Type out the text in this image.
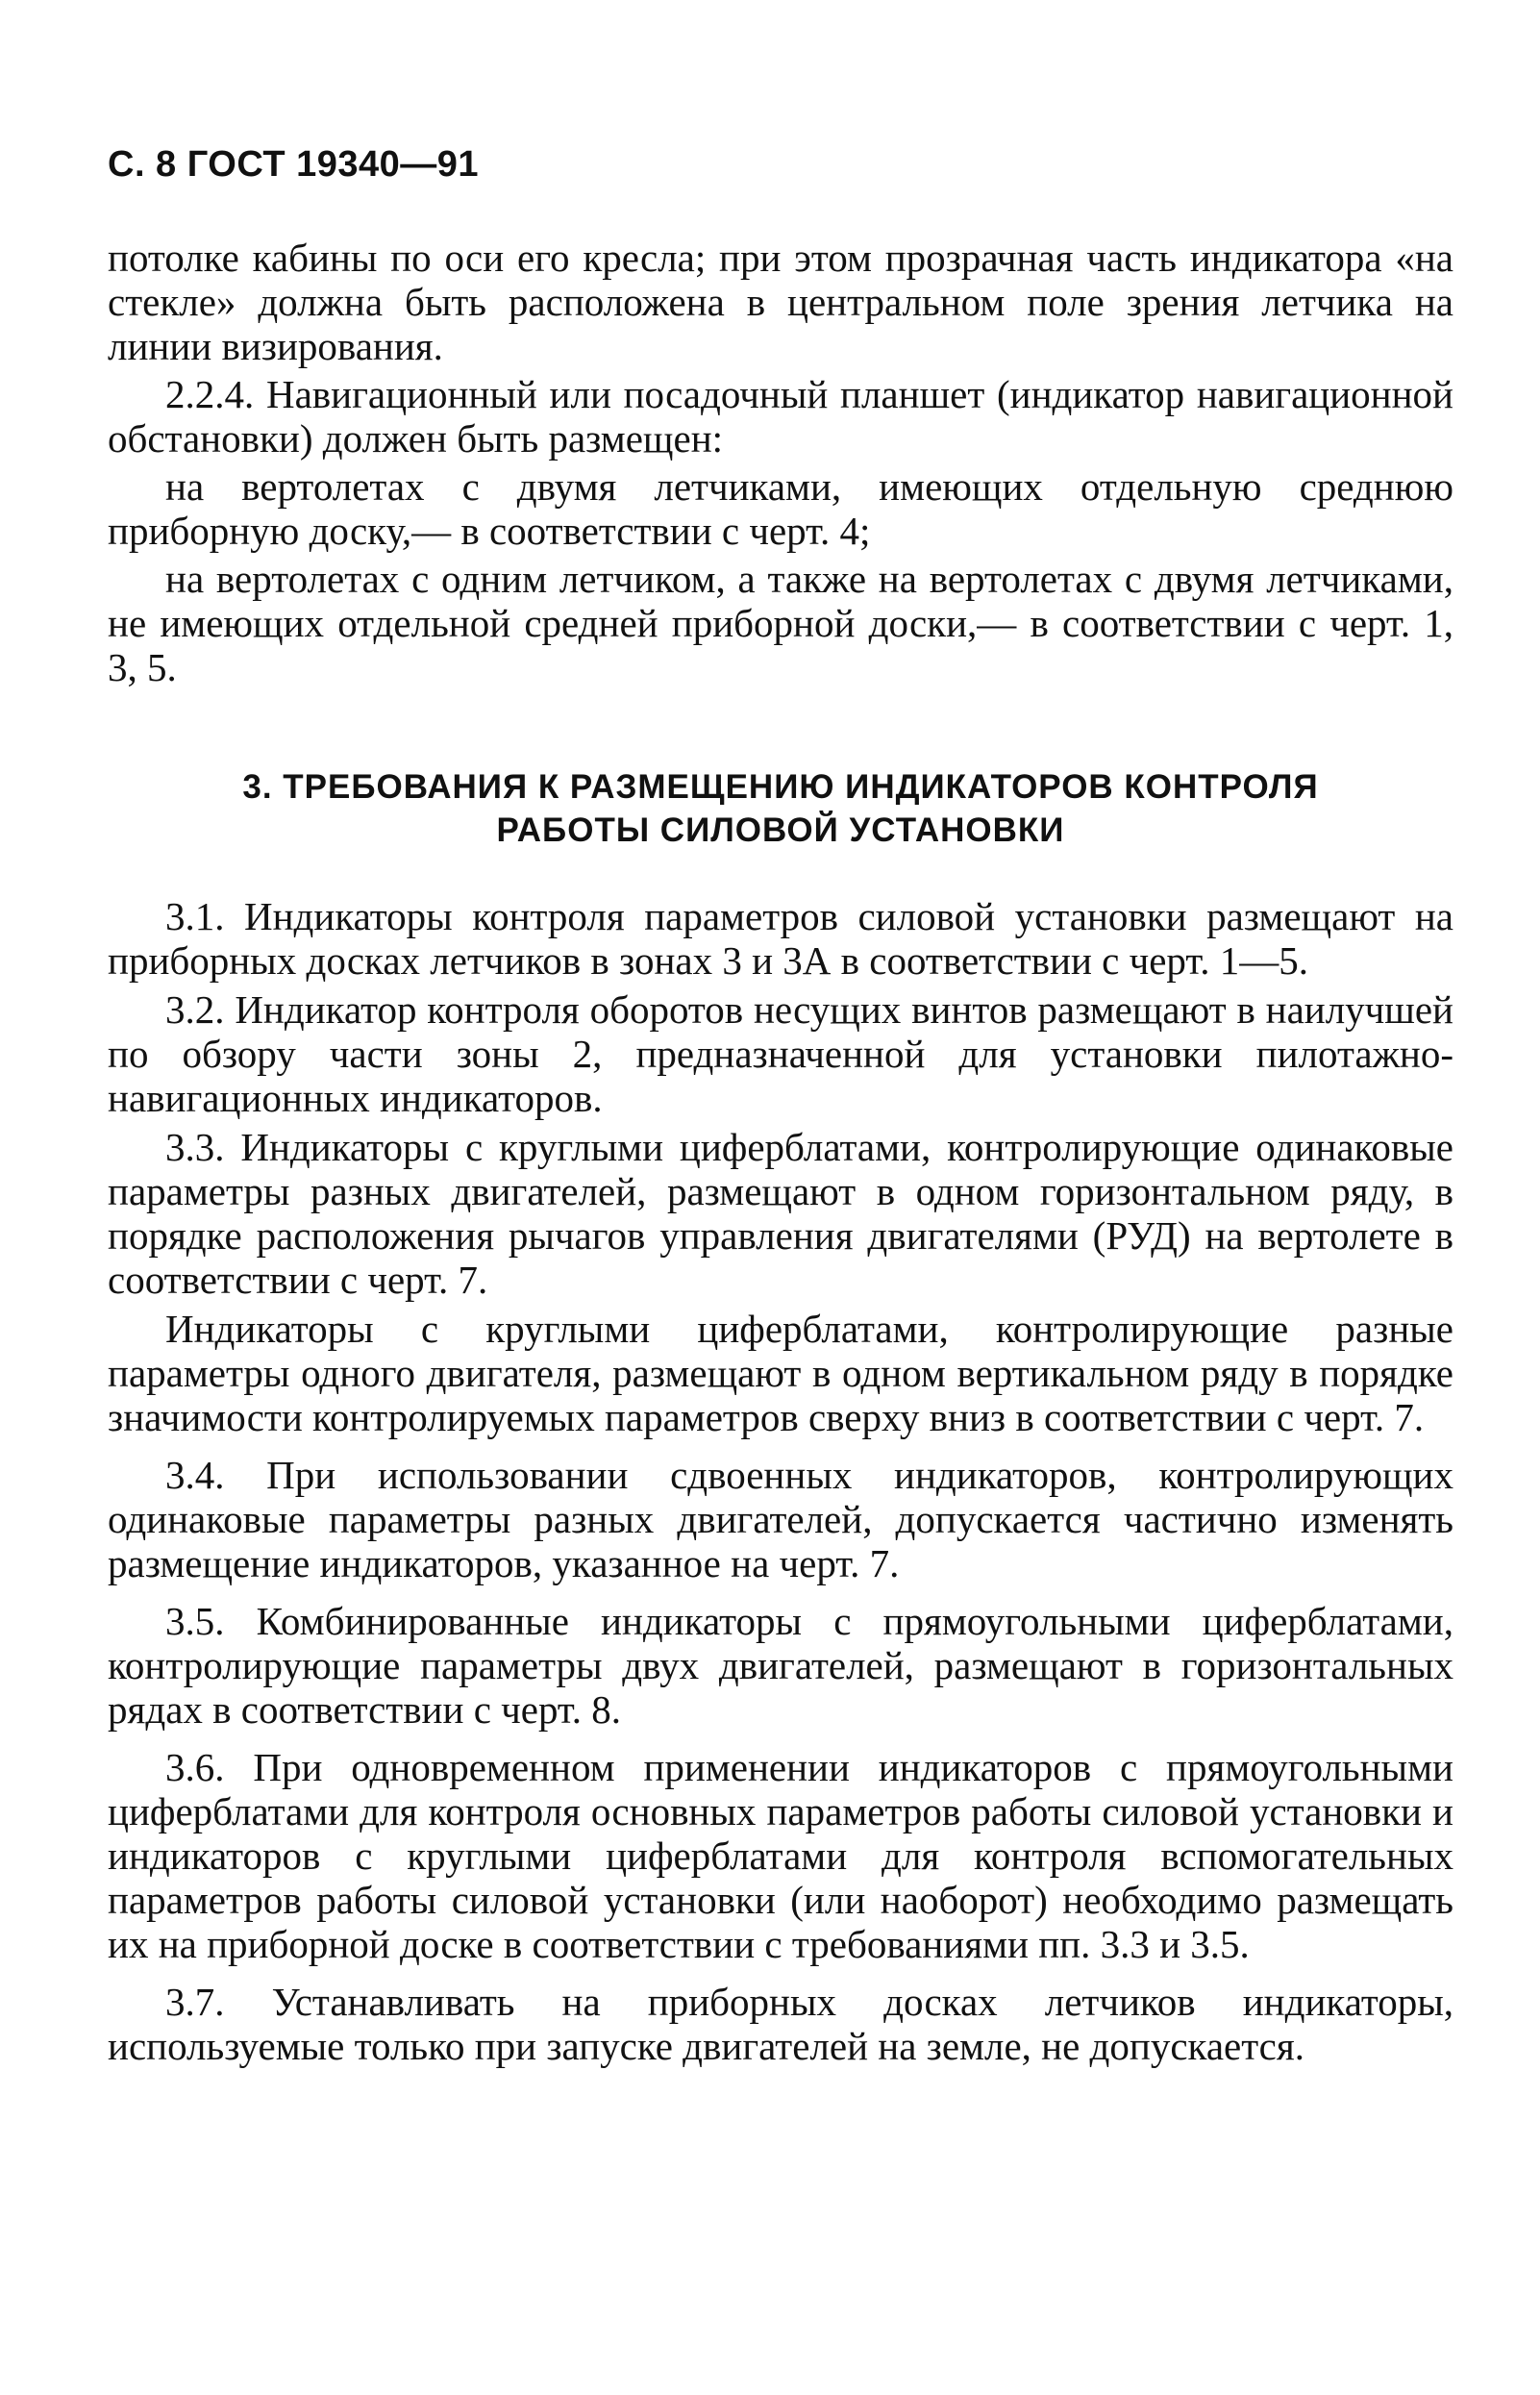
С. 8 ГОСТ 19340—91

потолке кабины по оси его кресла; при этом прозрачная часть индикатора «на стекле» должна быть расположена в центральном поле зрения летчика на линии визирования.

2.2.4. Навигационный или посадочный планшет (индикатор навигационной обстановки) должен быть размещен:

на вертолетах с двумя летчиками, имеющих отдельную среднюю приборную доску,— в соответствии с черт. 4;

на вертолетах с одним летчиком, а также на вертолетах с двумя летчиками, не имеющих отдельной средней приборной доски,— в соответствии с черт. 1, 3, 5.

3. ТРЕБОВАНИЯ К РАЗМЕЩЕНИЮ ИНДИКАТОРОВ КОНТРОЛЯ
РАБОТЫ СИЛОВОЙ УСТАНОВКИ

3.1. Индикаторы контроля параметров силовой установки размещают на приборных досках летчиков в зонах 3 и 3А в соответствии с черт. 1—5.

3.2. Индикатор контроля оборотов несущих винтов размещают в наилучшей по обзору части зоны 2, предназначенной для установки пилотажно-навигационных индикаторов.

3.3. Индикаторы с круглыми циферблатами, контролирующие одинаковые параметры разных двигателей, размещают в одном горизонтальном ряду, в порядке расположения рычагов управления двигателями (РУД) на вертолете в соответствии с черт. 7.

Индикаторы с круглыми циферблатами, контролирующие разные параметры одного двигателя, размещают в одном вертикальном ряду в порядке значимости контролируемых параметров сверху вниз в соответствии с черт. 7.

3.4. При использовании сдвоенных индикаторов, контролирующих одинаковые параметры разных двигателей, допускается частично изменять размещение индикаторов, указанное на черт. 7.

3.5. Комбинированные индикаторы с прямоугольными циферблатами, контролирующие параметры двух двигателей, размещают в горизонтальных рядах в соответствии с черт. 8.

3.6. При одновременном применении индикаторов с прямоугольными циферблатами для контроля основных параметров работы силовой установки и индикаторов с круглыми циферблатами для контроля вспомогательных параметров работы силовой установки (или наоборот) необходимо размещать их на приборной доске в соответствии с требованиями пп. 3.3 и 3.5.

3.7. Устанавливать на приборных досках летчиков индикаторы, используемые только при запуске двигателей на земле, не допускается.
